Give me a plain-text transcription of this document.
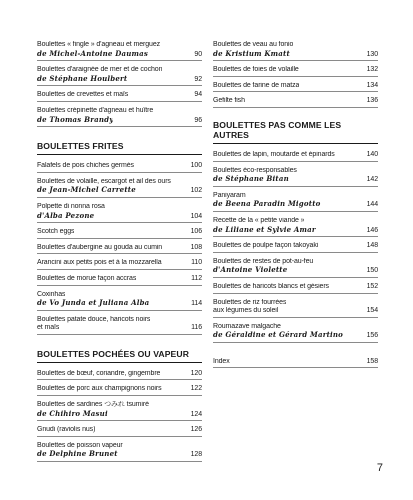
Boulettes « fingle » d'agneau et merguez
de Michel-Antoine Daumas	90
Boulettes d'araignée de mer et de cochon
de Stéphane Houlbert	92
Boulettes de crevettes et maïs	94
Boulettes crépinette d'agneau et huître
de Thomas Brandy	96
BOULETTES FRITES
Falafels de pois chiches germés	100
Boulettes de volaille, escargot et ail des ours
de Jean-Michel Carrette	102
Polpette di nonna rosa
d'Alba Pezone	104
Scotch eggs	106
Boulettes d'aubergine au gouda au cumin	108
Arancini aux petits pois et à la mozzarella	110
Boulettes de morue façon accras	112
Coxinhas
de Vo Junda et Juliana Alba	114
Boulettes patate douce, haricots noirs
et maïs	116
BOULETTES POCHÉES OU VAPEUR
Boulettes de bœuf, coriandre, gingembre	120
Boulettes de porc aux champignons noirs	122
Boulettes de sardines つみれ tsumiré
de Chihiro Masui	124
Gnudi (raviolis nus)	126
Boulettes de poisson vapeur
de Delphine Brunet	128
Boulettes de veau au fonio
de Kristium Kmatt	130
Boulettes de foies de volaille	132
Boulettes de farine de matza	134
Gefilte fish	136
BOULETTES PAS COMME LES AUTRES
Boulettes de lapin, moutarde et épinards	140
Boulettes éco-responsables
de Stéphane Bitan	142
Paniyaram
de Beena Paradin Migotto	144
Recette de la « petite viande »
de Liliane et Sylvie Amar	146
Boulettes de poulpe façon takoyaki	148
Boulettes de restes de pot-au-feu
d'Antoine Violette	150
Boulettes de haricots blancs et gésiers	152
Boulettes de riz fourrées
aux légumes du soleil	154
Roumazave malgache
de Géraldine et Gérard Martino	156
Index	158
7
